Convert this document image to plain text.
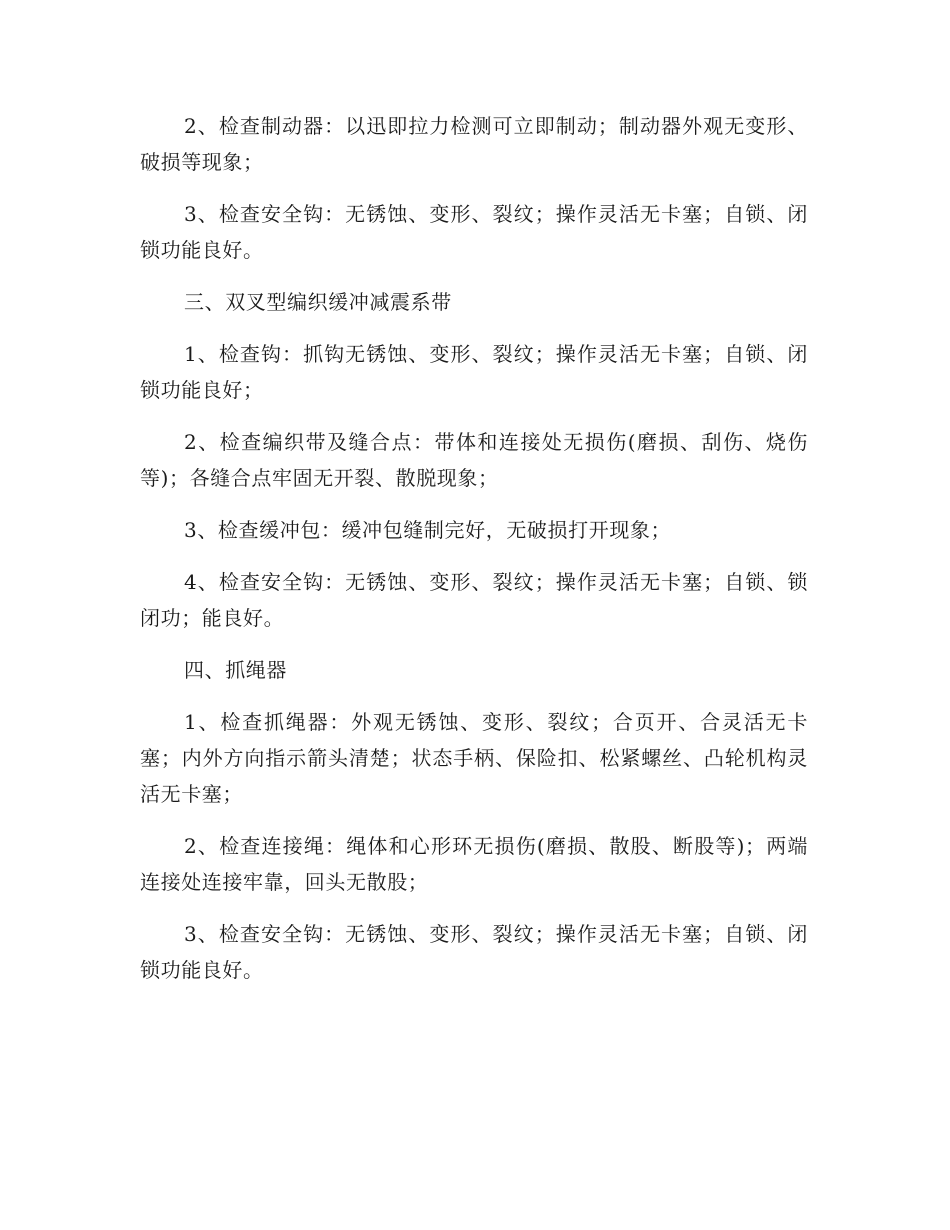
2、检查制动器：以迅即拉力检测可立即制动；制动器外观无变形、破损等现象；

3、检查安全钩：无锈蚀、变形、裂纹；操作灵活无卡塞；自锁、闭锁功能良好。

三、双叉型编织缓冲减震系带

1、检查钩：抓钩无锈蚀、变形、裂纹；操作灵活无卡塞；自锁、闭锁功能良好；

2、检查编织带及缝合点：带体和连接处无损伤(磨损、刮伤、烧伤等)；各缝合点牢固无开裂、散脱现象；

3、检查缓冲包：缓冲包缝制完好，无破损打开现象；

4、检查安全钩：无锈蚀、变形、裂纹；操作灵活无卡塞；自锁、锁闭功；能良好。

四、抓绳器

1、检查抓绳器：外观无锈蚀、变形、裂纹；合页开、合灵活无卡塞；内外方向指示箭头清楚；状态手柄、保险扣、松紧螺丝、凸轮机构灵活无卡塞；

2、检查连接绳：绳体和心形环无损伤(磨损、散股、断股等)；两端连接处连接牢靠，回头无散股；

3、检查安全钩：无锈蚀、变形、裂纹；操作灵活无卡塞；自锁、闭锁功能良好。
